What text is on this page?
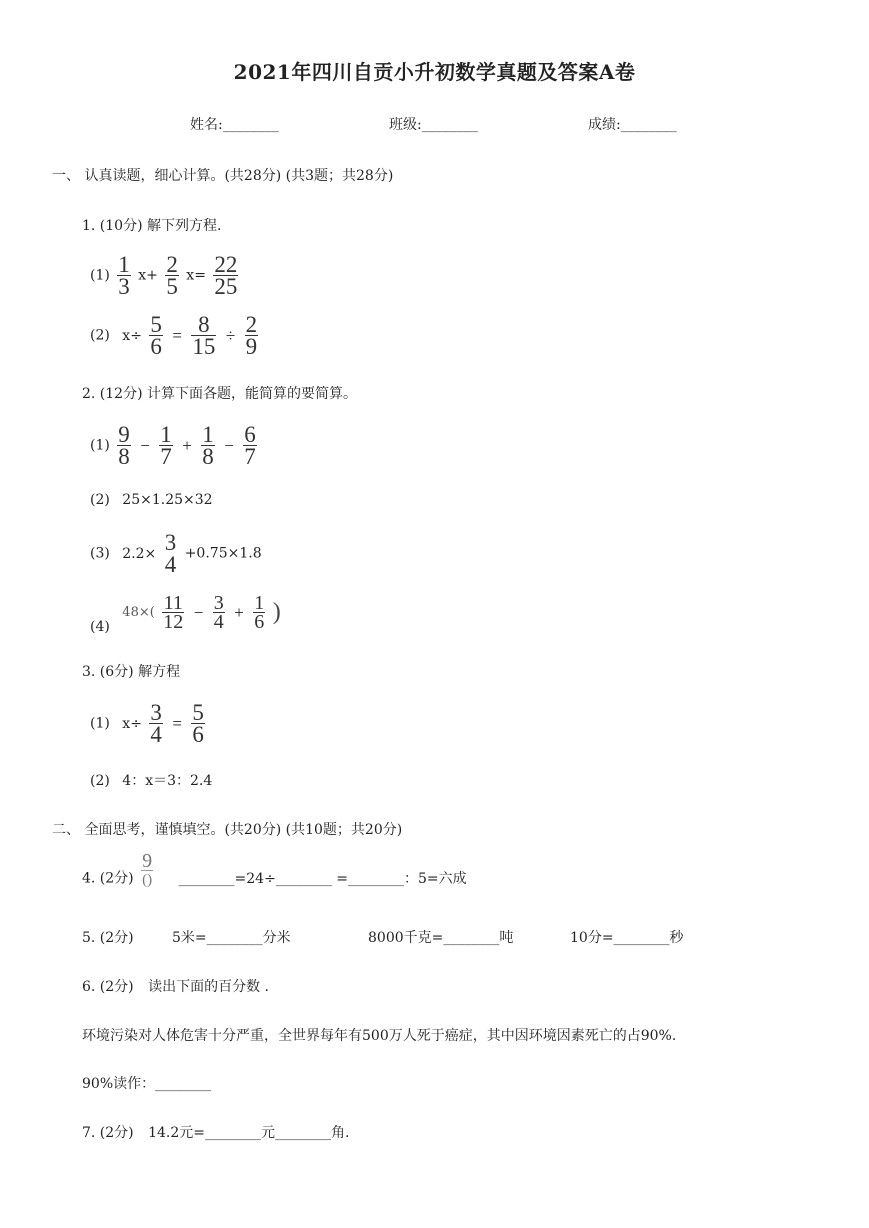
2021年四川自贡小升初数学真题及答案A卷
姓名:________	班级:________	成绩:________
一、 认真读题，细心计算。(共28分) (共3题；共28分)
1. (10分) 解下列方程.
$(1) \frac{1}{3} x+ \frac{2}{5} x= \frac{22}{25}$
(2) $x\div \frac{5}{6} = \frac{8}{15} \div \frac{2}{9}$
2. (12分) 计算下面各题，能简算的要简算。
$(1) \frac{9}{8} - \frac{1}{7} + \frac{1}{8} - \frac{6}{7}$
(2) 25×1.25×32
(3) 2.2× 3
4 +0.75×1.8
(4) $48\times( \frac{11}{12} - \frac{3}{4} + \frac{1}{6}$ )
3. (6分) 解方程
(1) $x\div \frac{3}{4} = \frac{5}{6}$
(2) 4：x＝3：2.4
二、 全面思考，谨慎填空。(共20分) (共10题；共20分)
4. (2分)
9
() ________=24÷________ =________：5=六成
5. (2分)	5米=________分米	8000千克=________吨	10分=________秒
6. (2分) 读出下面的百分数 .
环境污染对人体危害十分严重，全世界每年有500万人死于癌症，其中因环境因素死亡的占90%.
90%读作：________
7. (2分) 14.2元=________元________角.
